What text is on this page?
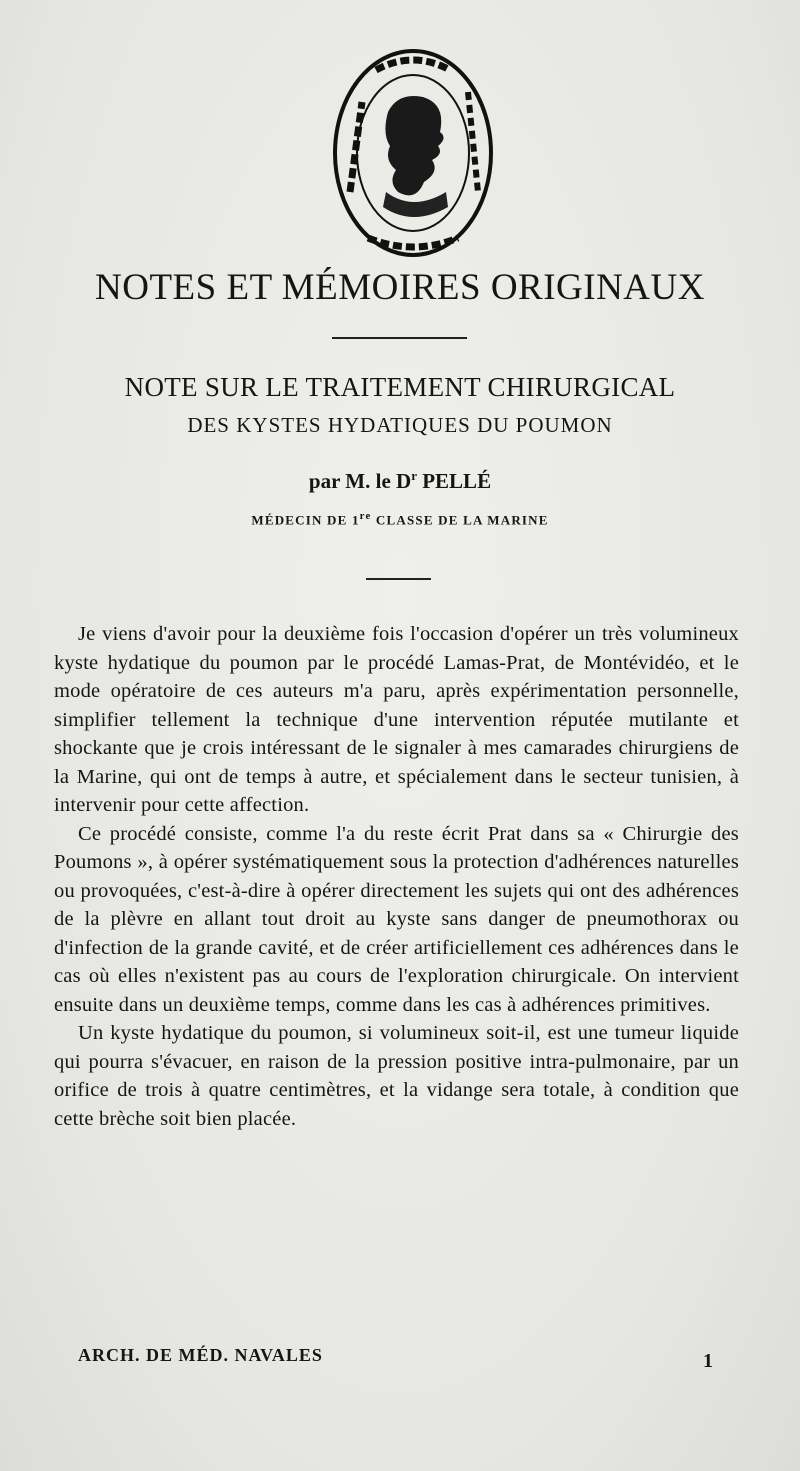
NOTES ET MÉMOIRES ORIGINAUX
NOTE SUR LE TRAITEMENT CHIRURGICAL
DES KYSTES HYDATIQUES DU POUMON
par M. le $D^r$ PELLÉ
MÉDECIN DE 1re CLASSE DE LA MARINE

Je viens d'avoir pour la deuxième fois l'occasion d'opérer un très volumineux kyste hydatique du poumon par le procédé Lamas-Prat, de Montévidéo, et le mode opératoire de ces auteurs m'a paru, après expérimentation personnelle, simplifier tellement la technique d'une intervention réputée mutilante et shockante que je crois intéressant de le signaler à mes camarades chirurgiens de la Marine, qui ont de temps à autre, et spécialement dans le secteur tunisien, à intervenir pour cette affection.

Ce procédé consiste, comme l'a du reste écrit Prat dans sa « Chirurgie des Poumons », à opérer systématiquement sous la protection d'adhérences naturelles ou provoquées, c'est-à-dire à opérer directement les sujets qui ont des adhérences de la plèvre en allant tout droit au kyste sans danger de pneumothorax ou d'infection de la grande cavité, et de créer artificiellement ces adhérences dans le cas où elles n'existent pas au cours de l'exploration chirurgicale. On intervient ensuite dans un deuxième temps, comme dans les cas à adhérences primitives.

Un kyste hydatique du poumon, si volumineux soit-il, est une tumeur liquide qui pourra s'évacuer, en raison de la pression positive intra-pulmonaire, par un orifice de trois à quatre centimètres, et la vidange sera totale, à condition que cette brèche soit bien placée.

ARCH. DE MÉD. NAVALES	1
